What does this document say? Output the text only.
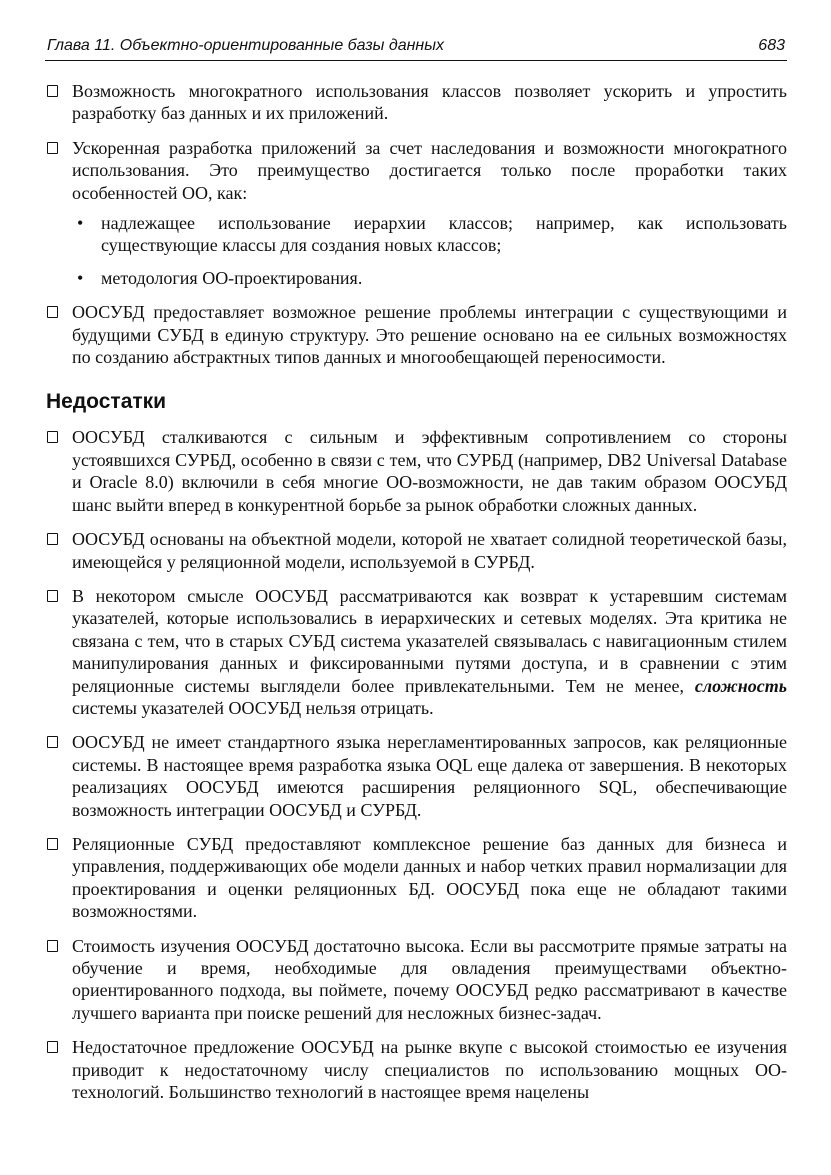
Глава 11. Объектно-ориентированные базы данных	683
Возможность многократного использования классов позволяет ускорить и упростить разработку баз данных и их приложений.
Ускоренная разработка приложений за счет наследования и возможности многократного использования. Это преимущество достигается только после проработки таких особенностей ОО, как:
• надлежащее использование иерархии классов; например, как использовать существующие классы для создания новых классов;
• методология ОО-проектирования.
ООСУБД предоставляет возможное решение проблемы интеграции с существующими и будущими СУБД в единую структуру. Это решение основано на ее сильных возможностях по созданию абстрактных типов данных и многообещающей переносимости.
Недостатки
ООСУБД сталкиваются с сильным и эффективным сопротивлением со стороны устоявшихся СУРБД, особенно в связи с тем, что СУРБД (например, DB2 Universal Database и Oracle 8.0) включили в себя многие ОО-возможности, не дав таким образом ООСУБД шанс выйти вперед в конкурентной борьбе за рынок обработки сложных данных.
ООСУБД основаны на объектной модели, которой не хватает солидной теоретической базы, имеющейся у реляционной модели, используемой в СУРБД.
В некотором смысле ООСУБД рассматриваются как возврат к устаревшим системам указателей, которые использовались в иерархических и сетевых моделях. Эта критика не связана с тем, что в старых СУБД система указателей связывалась с навигационным стилем манипулирования данных и фиксированными путями доступа, и в сравнении с этим реляционные системы выглядели более привлекательными. Тем не менее, сложность системы указателей ООСУБД нельзя отрицать.
ООСУБД не имеет стандартного языка нерегламентированных запросов, как реляционные системы. В настоящее время разработка языка OQL еще далека от завершения. В некоторых реализациях ООСУБД имеются расширения реляционного SQL, обеспечивающие возможность интеграции ООСУБД и СУРБД.
Реляционные СУБД предоставляют комплексное решение баз данных для бизнеса и управления, поддерживающих обе модели данных и набор четких правил нормализации для проектирования и оценки реляционных БД. ООСУБД пока еще не обладают такими возможностями.
Стоимость изучения ООСУБД достаточно высока. Если вы рассмотрите прямые затраты на обучение и время, необходимые для овладения преимуществами объектно-ориентированного подхода, вы поймете, почему ООСУБД редко рассматривают в качестве лучшего варианта при поиске решений для несложных бизнес-задач.
Недостаточное предложение ООСУБД на рынке вкупе с высокой стоимостью ее изучения приводит к недостаточному числу специалистов по использованию мощных ОО-технологий. Большинство технологий в настоящее время нацелены
